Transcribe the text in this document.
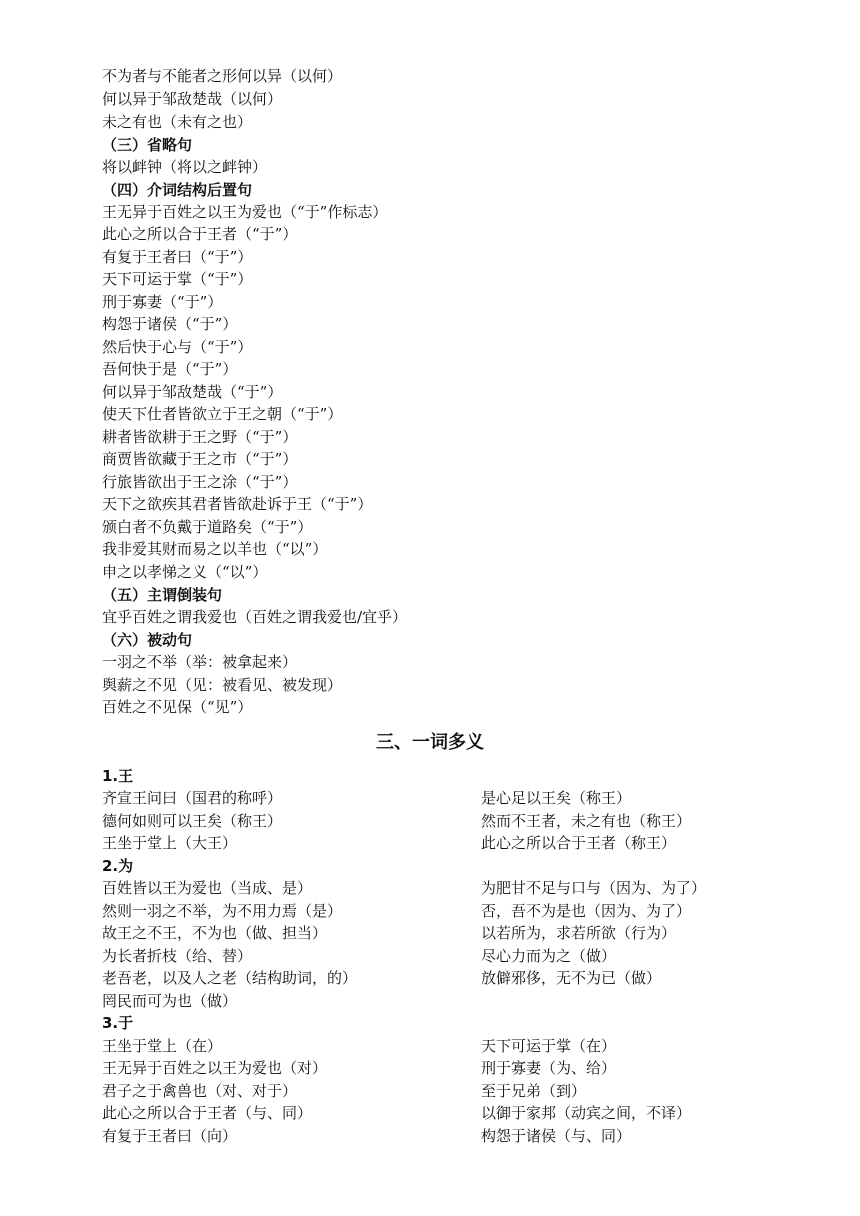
不为者与不能者之形何以异（以何）
何以异于邹敌楚哉（以何）
未之有也（未有之也）
（三）省略句
将以衅钟（将以之衅钟）
（四）介词结构后置句
王无异于百姓之以王为爱也（“于”作标志）
此心之所以合于王者（“于”）
有复于王者曰（“于”）
天下可运于掌（“于”）
刑于寡妻（“于”）
构怨于诸侯（“于”）
然后快于心与（“于”）
吾何快于是（“于”）
何以异于邹敌楚哉（“于”）
使天下仕者皆欲立于王之朝（“于”）
耕者皆欲耕于王之野（“于”）
商贾皆欲藏于王之市（“于”）
行旅皆欲出于王之涂（“于”）
天下之欲疾其君者皆欲赴诉于王（“于”）
颁白者不负戴于道路矣（“于”）
我非爱其财而易之以羊也（“以”）
申之以孝悌之义（“以”）
（五）主谓倒装句
宜乎百姓之谓我爱也（百姓之谓我爱也/宜乎）
（六）被动句
一羽之不举（举：被拿起来）
舆薪之不见（见：被看见、被发现）
百姓之不见保（“见”）
三、一词多义
1.王
齐宣王问曰（国君的称呼）	是心足以王矣（称王）
德何如则可以王矣（称王）	然而不王者，未之有也（称王）
王坐于堂上（大王）	此心之所以合于王者（称王）
2.为
百姓皆以王为爱也（当成、是）	为肥甘不足与口与（因为、为了）
然则一羽之不举，为不用力焉（是）	否，吾不为是也（因为、为了）
故王之不王，不为也（做、担当）	以若所为，求若所欲（行为）
为长者折枝（给、替）	尽心力而为之（做）
老吾老，以及人之老（结构助词，的）	放僻邪侈，无不为已（做）
罔民而可为也（做）
3.于
王坐于堂上（在）	天下可运于掌（在）
王无异于百姓之以王为爱也（对）	刑于寡妻（为、给）
君子之于禽兽也（对、对于）	至于兄弟（到）
此心之所以合于王者（与、同）	以御于家邦（动宾之间，不译）
有复于王者曰（向）	构怨于诸侯（与、同）
